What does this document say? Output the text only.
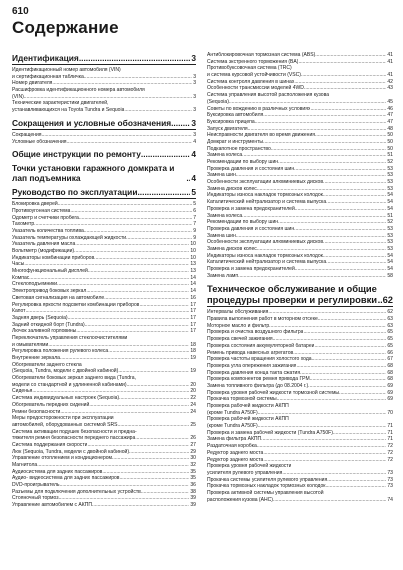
610
Содержание
Идентификация .....	3
Идентификационный номер автомобиля (VIN)
и сертификационная табличка .....	3
Номер двигателя .....	3
Расшифровка идентификационного номера автомобиля
(VIN) .....	3
Технические характеристики двигателей,
устанавливающихся на Toyota Tundra и Sequoia .....	3
Сокращения и условные обозначения ..... 3
Сокращения .....	3
Условные обозначения .....	4
Общие инструкции по ремонту .....	4
Точки установки гаражного домкрата и лап подъемника .....	4
Руководство по эксплуатации .....	5
Блокировка дверей .....	5
Противоугонная система .....	6
Одометр и счетчики пробега .....	7
Тахометр .....	7
Указатель количества топлива .....	9
Указатель температуры охлаждающей жидкости .....	9
Указатель давления масла .....	10
Вольтметр (модификации) .....	10
Индикаторы комбинации приборов .....	10
Часы .....	13
Многофункциональный дисплей .....	13
Компас .....	14
Стеклоподъемники .....	14
Электропривод боковых зеркал .....	14
Световая сигнализация на автомобиле .....	16
Регулировка яркости подсветки комбинации приборов .....	17
Капот .....	17
Задняя дверь (Sequoia) .....	17
Задний откидной борт (Tundra) .....	17
Лючок заливной горловины .....	17
Переключатель управления стеклоочистителями
и омывателями .....	18
Регулировка положения рулевого колеса .....	18
Внутренние зеркала .....	19
Обогреватели заднего стекла
(Sequoia, Tundra, модели с двойной кабиной) .....	19
Обогреватели боковых зеркал заднего вида (Tundra,
модели со стандартной и удлиненной кабинами) .....	20
Сиденья .....	20
Система индивидуальных настроек (Sequoia) .....	22
Обогреватель передних сидений .....	24
Ремни безопасности .....	24
Меры предосторожности при эксплуатации
автомобилей, оборудованных системой SRS .....	25
Система активации подушек безопасности и предна-
тяжителя ремня безопасности переднего пассажира .....	26
Система поддержания скорости .....	27
Люк (Sequoia, Tundra, модели с двойной кабиной) .....	29
Управление отоплением и кондиционером .....	30
Магнитола .....	32
Аудиосистема для задних пассажиров .....	35
Аудио- видеосистема для задних пассажиров .....	35
DVD-проигрыватель .....	36
Разъемы для подключения дополнительных устройств .....	38
Стояночный тормоз .....	39
Управление автомобилем с АКПП .....	39
Антиблокировочная тормозная система (ABS) .....	41
Система экстренного торможения (BA) .....	41
Противобуксовочная система (TRC)
и система курсовой устойчивости (VSC) .....	41
Система контроля давления в шинах .....	42
Особенности трансмиссии моделей 4WD .....	43
Система управления высотой расположения кузова
(Sequoia) .....	45
Советы по вождению в различных условиях .....	46
Буксировка автомобиля .....	47
Буксировка прицепа .....	47
Запуск двигателя .....	48
Неисправности двигателя во время движения .....	50
Домкрат и инструменты .....	50
Подкапотное пространство .....	50
Замена колеса .....	51
Рекомендации по выбору шин .....	52
Проверка давления и состояния шин .....	53
Замена шин .....	53
Особенности эксплуатации алюминиевых дисков .....	53
Замена дисков колес .....	53
Индикаторы износа накладок тормозных колодок .....	54
Каталитический нейтрализатор и система выпуска .....	54
Проверка и замена предохранителей .....	54
Замена колеса .....	51
Рекомендации по выбору шин .....	52
Проверка давления и состояния шин .....	53
Замена шин .....	53
Особенности эксплуатации алюминиевых дисков .....	53
Замена дисков колес .....	53
Индикаторы износа накладок тормозных колодок .....	54
Каталитический нейтрализатор и система выпуска .....	54
Проверка и замена предохранителей .....	54
Замена ламп .....	58
Техническое обслуживание и общие процедуры проверки и регулировки ..... 62
Интервалы обслуживания .....	62
Правила выполнения работ в моторном отсеке .....	63
Моторное масло и фильтр .....	63
Проверка и очистка воздушного фильтра .....	65
Проверка свечей зажигания .....	65
Проверка состояния аккумуляторной батареи .....	65
Ремень привода навесных агрегатов .....	66
Проверка частоты вращения холостого хода .....	67
Проверка угла опережения зажигания .....	68
Проверка давления конца такта сжатия .....	68
Проверка компонентов ремня привода ГРМ .....	68
Замена топливного фильтра (до 08.2004 г.) .....	69
Проверка уровня рабочей жидкости тормозной системы .....	69
Прокачка тормозной системы .....	69
Проверка рабочей жидкости АКПП
(кроме Tundra A750F) .....	70
Проверка рабочей жидкости АКПП
(кроме Tundra A750F) .....	71
Проверка и замена рабочей жидкости (Tundra A750F) .....	71
Замена фильтра АКПП .....	71
Раздаточная коробка .....	72
Редуктор заднего моста .....	72
Редуктор заднего моста .....	72
Проверка уровня рабочей жидкости
усилителя рулевого управления .....	73
Прокачка системы усилителя рулевого управления .....	73
Прокачка тормозных накладок тормозных колодок .....	73
Проверка активной системы управления высотой
расположения кузова (AHC) .....	74
